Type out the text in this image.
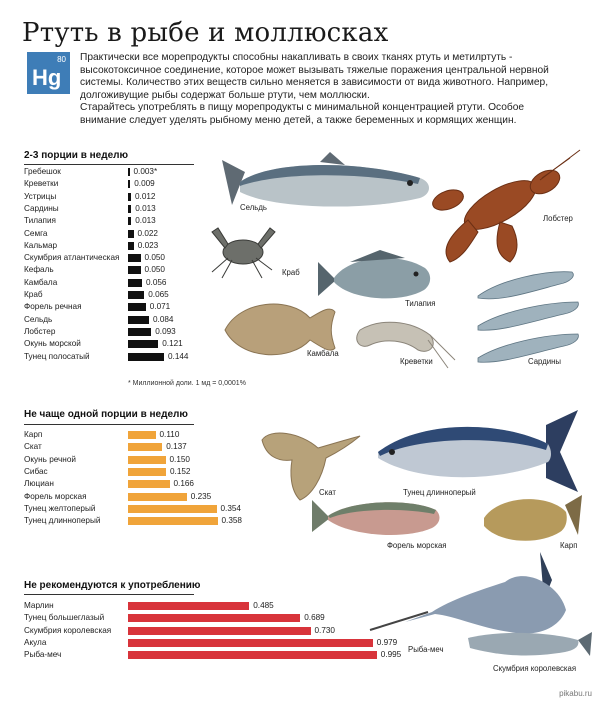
Ртуть в рыбе и моллюсках
80
Hg

Практически все морепродукты способны накапливать в своих тканях ртуть и метилртуть - высокотоксичное соединение, которое может вызывать тяжелые поражения центральной нервной системы. Количество этих веществ сильно меняется в зависимости от вида животного. Например, долгоживущие рыбы содержат больше ртути, чем моллюски.

Старайтесь употреблять в пищу морепродукты с минимальной концентрацией ртути. Особое внимание следует уделять рыбному меню детей, а также беременных и кормящих женщин.

2-3 порции в неделю
Гребешок	0.003*
Креветки	0.009
Устрицы	0.012
Сардины	0.013
Тилапия	0.013
Семга	0.022
Кальмар	0.023
Скумбрия атлантическая	0.050
Кефаль	0.050
Камбала	0.056
Краб	0.065
Форель речная	0.071
Сельдь	0.084
Лобстер	0.093
Окунь морской	0.121
Тунец полосатый	0.144
* Миллионной доли. 1 мд = 0,0001%
Не чаще одной порции в неделю
Карп	0.110
Скат	0.137
Окунь речной	0.150
Сибас	0.152
Люциан	0.166
Форель морская	0.235
Тунец желтоперый	0.354
Тунец длинноперый	0.358
Не рекомендуются к употреблению
Марлин	0.485
Тунец большеглазый	0.689
Скумбрия королевская	0.730
Акула	0.979
Рыба-меч	0.995
Сельдь
Лобстер
Краб
Тилапия
Сардины
Камбала
Креветки
Скат	Тунец длинноперый
Форель морская	Карп
Рыба-меч
Скумбрия королевская
pikabu.ru
